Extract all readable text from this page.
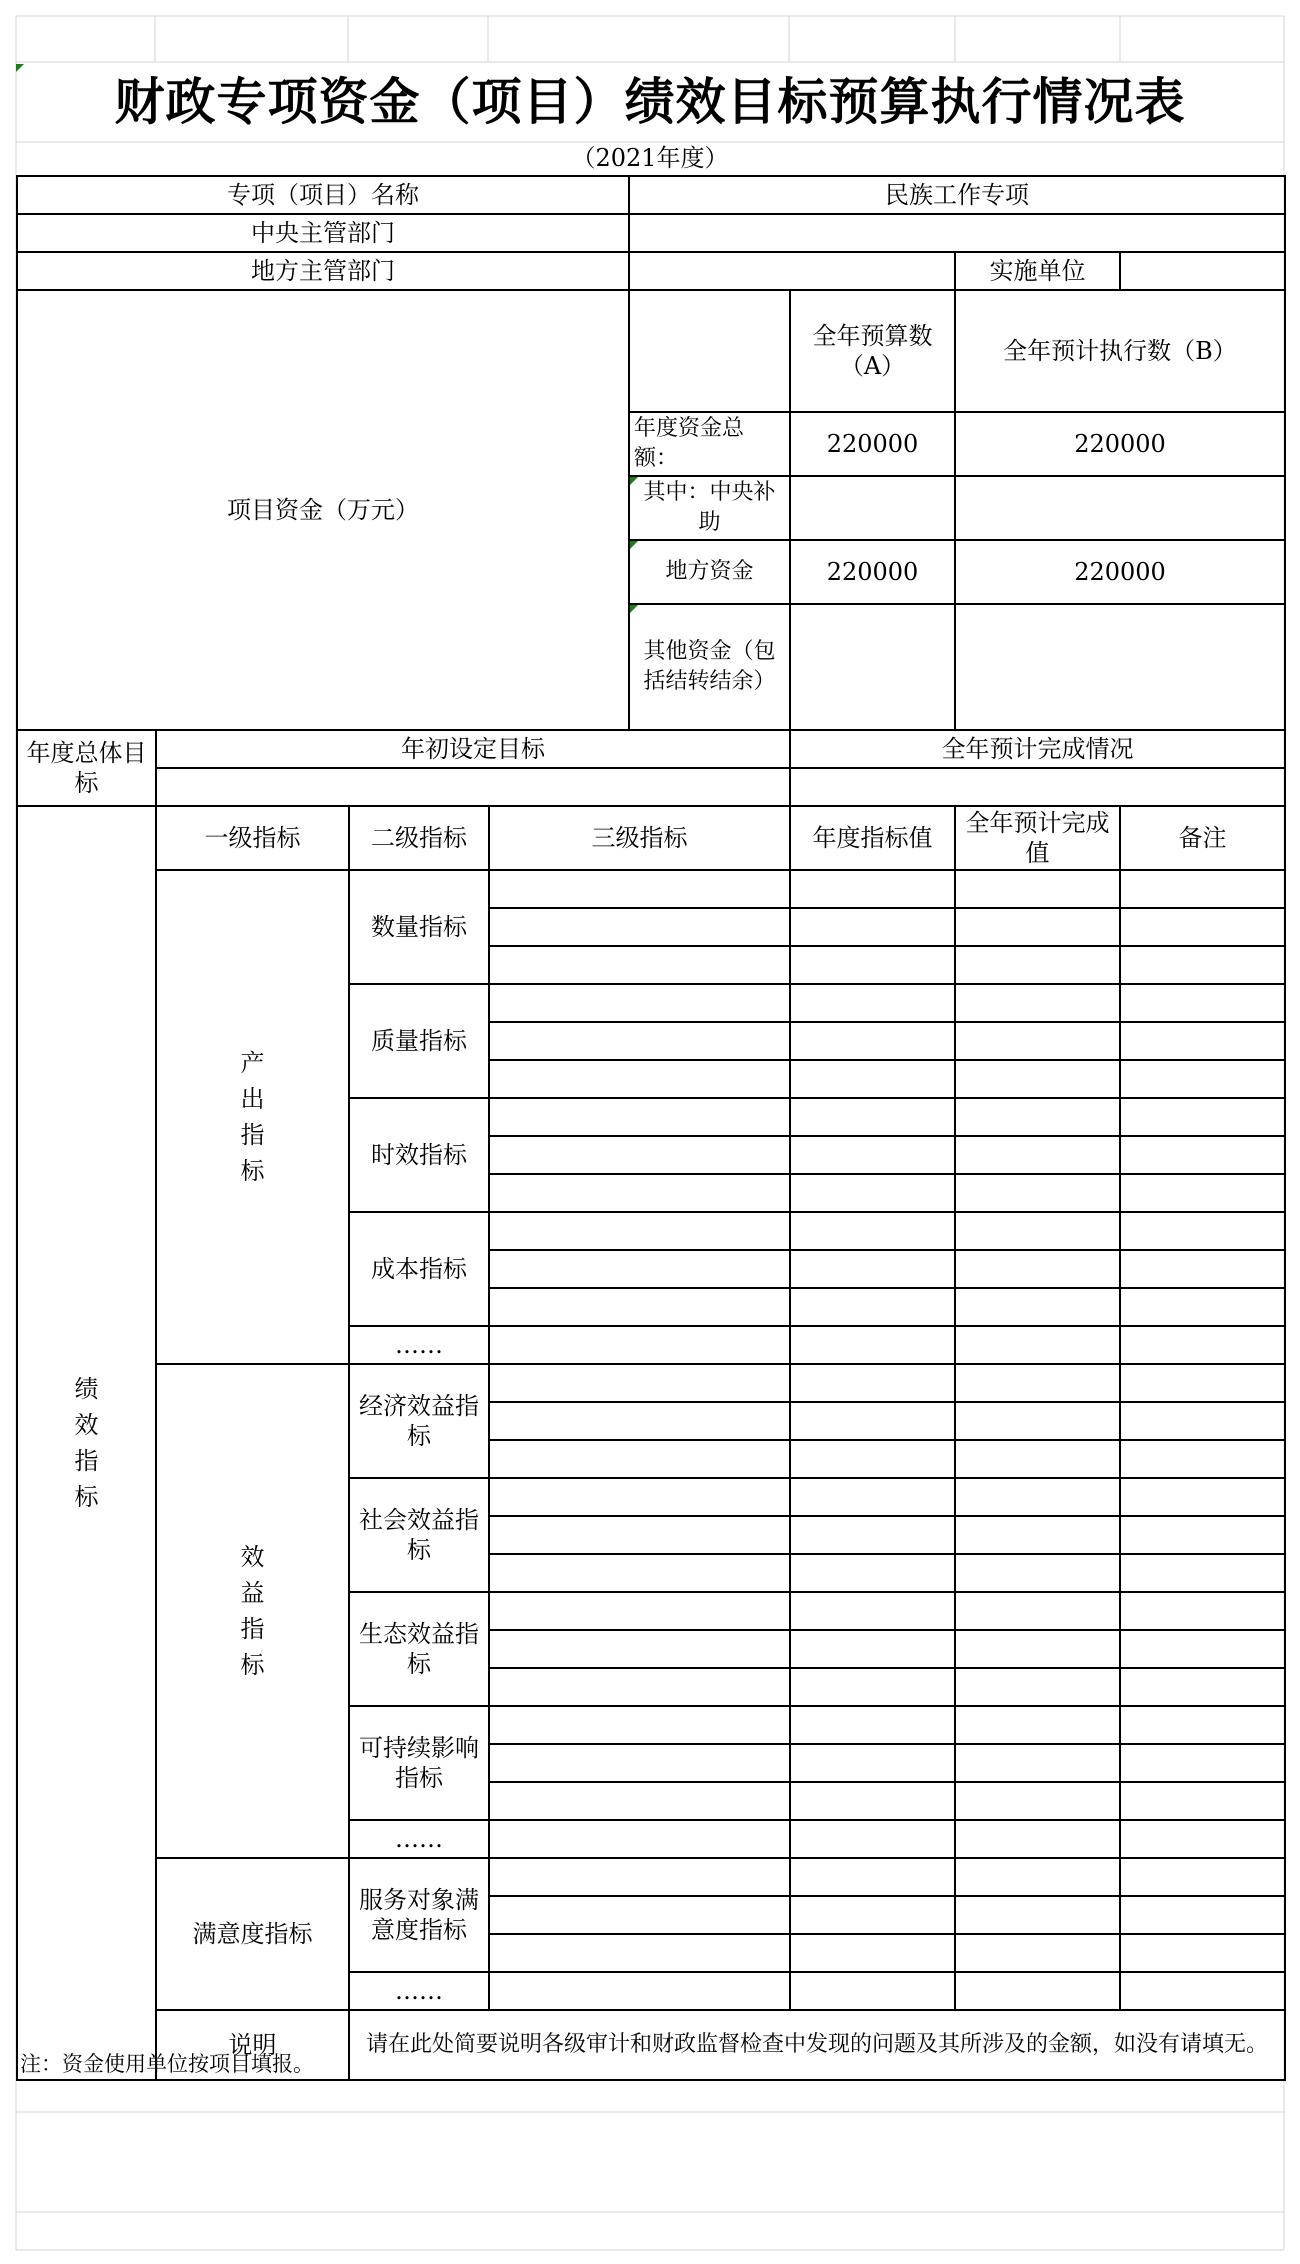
财政专项资金（项目）绩效目标预算执行情况表
（2021年度）
专项（项目）名称				民族工作专项				
中央主管部门								
地方主管部门						实施单位		
项目资金（万元）					全年预算数（A）	全年预计执行数（B）	
				年度资金总额：	220000	220000	

其中：中央补助				

地方资金	220000	220000	

其他资金（包括结转结余）				
年度总体目标	年初设定目标				全年预计完成情况			

绩效指标	一级指标	二级指标	三级指标		年度指标值	全年预计完成值	备注	
	产出指标	数量指标						

		质量指标						

		时效指标						

		成本指标						

		……						
	效益指标	经济效益指标						

		社会效益指标						

		生态效益指标						

		可持续影响指标						

		……						
	满意度指标	服务对象满意度指标						

		……						
	说明	请在此处简要说明各级审计和财政监督检查中发现的问题及其所涉及的金额，如没有请填无。						
注：资金使用单位按项目填报。
